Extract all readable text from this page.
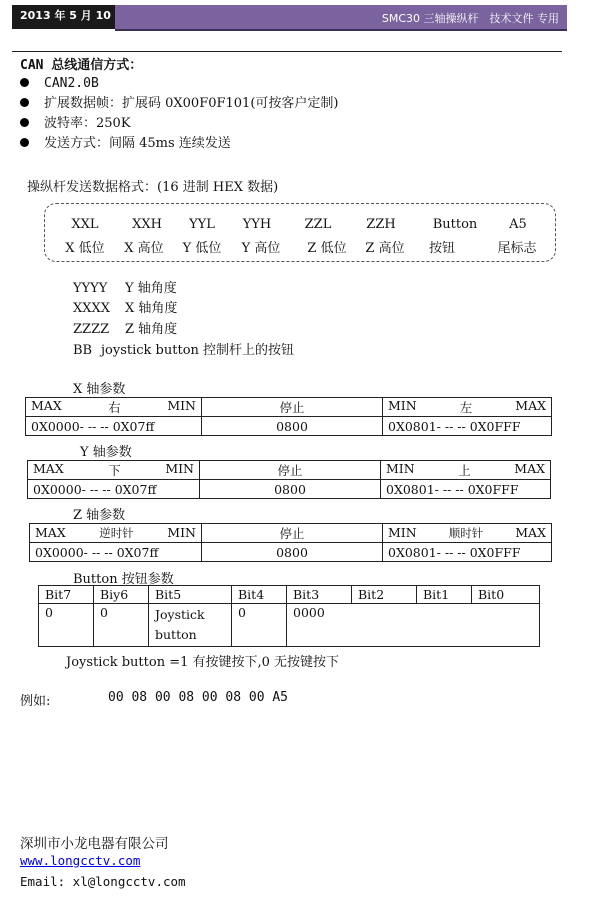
2013 年 5 月 10 日
SMC30 三轴操纵杆　技术文件 专用
CAN 总线通信方式：
CAN2.0B
扩展数据帧：扩展码 0X00F0F101(可按客户定制)
波特率：250K
发送方式：间隔 45ms 连续发送
操纵杆发送数据格式：(16 进制 HEX 数据)
XXL	XXH	YYL	YYH	ZZL	ZZH	Button	A5
X 低位	X 高位	Y 低位	Y 高位	Z 低位	Z 高位	按钮	尾标志
YYYY Y 轴角度
XXXX X 轴角度
ZZZZ Z 轴角度
BB joystick button 控制杆上的按钮
X 轴参数
MAX 右 MIN	停止	MIN 左 MAX

0X0000- -- -- 0X07ff	0800	0X0801- -- -- 0X0FFF
Y 轴参数
MAX 下 MIN	停止	MIN 上 MAX

0X0000- -- -- 0X07ff	0800	0X0801- -- -- 0X0FFF
Z 轴参数
MAX 逆时针 MIN	停止	MIN 顺时针 MAX

0X0000- -- -- 0X07ff	0800	0X0801- -- -- 0X0FFF
Button 按钮参数
Bit7	Biy6	Bit5	Bit4	Bit3	Bit2	Bit1	Bit0
0	0	Joystick button	0	0000			
Joystick button =1 有按键按下,0 无按键按下
例如:	00 08 00 08 00 08 00 A5
深圳市小龙电器有限公司
www.longcctv.com
Email: xl@longcctv.com
